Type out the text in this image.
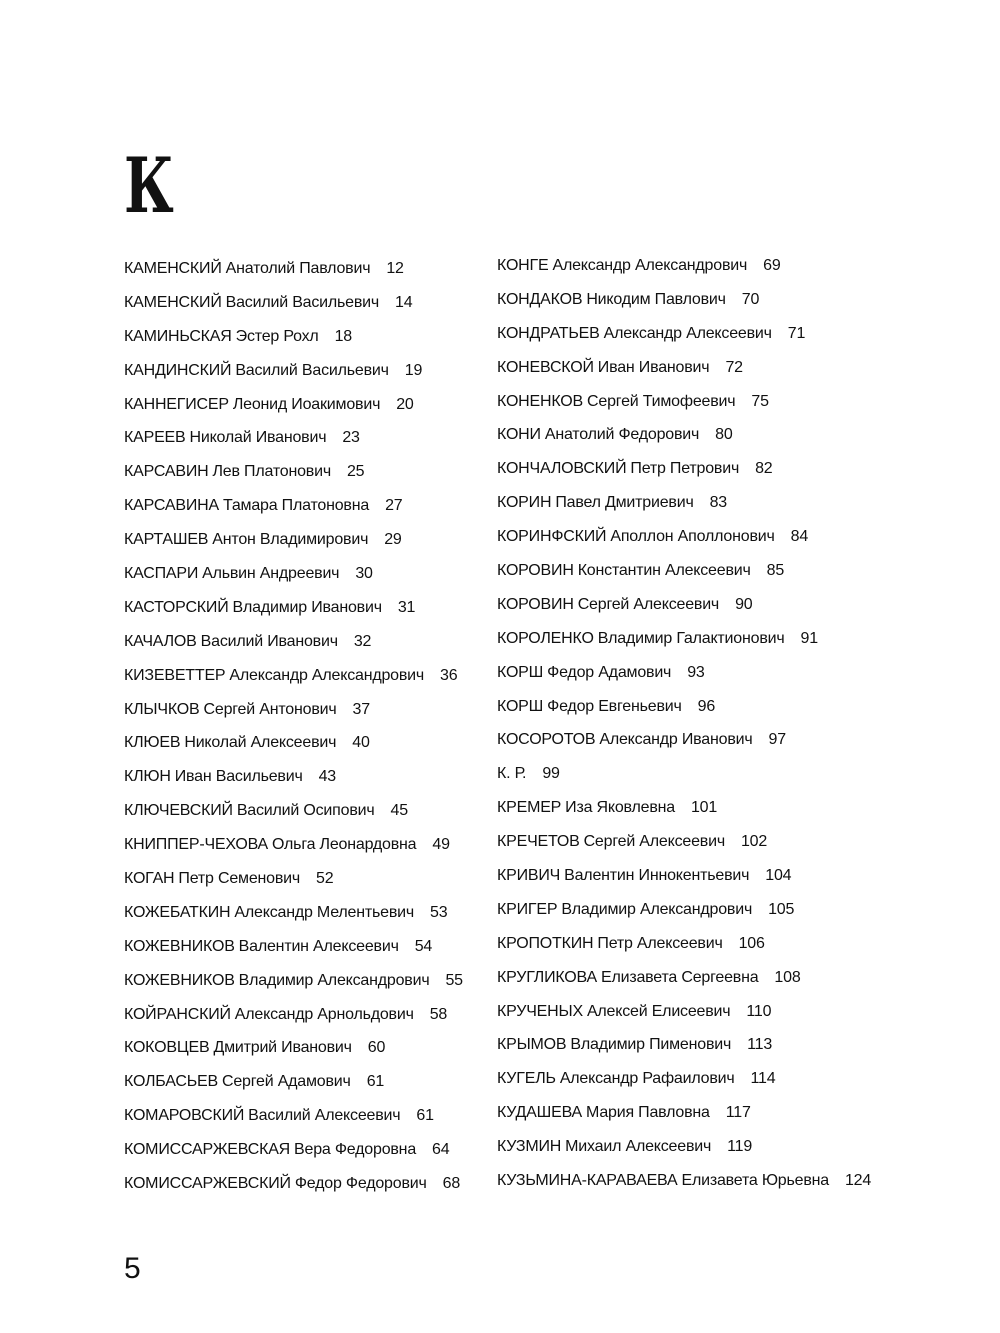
К
КАМЕНСКИЙ Анатолий Павлович 12
КАМЕНСКИЙ Василий Васильевич 14
КАМИНЬСКАЯ Эстер Рохл 18
КАНДИНСКИЙ Василий Васильевич 19
КАННЕГИСЕР Леонид Иоакимович 20
КАРЕЕВ Николай Иванович 23
КАРСАВИН Лев Платонович 25
КАРСАВИНА Тамара Платоновна 27
КАРТАШЕВ Антон Владимирович 29
КАСПАРИ Альвин Андреевич 30
КАСТОРСКИЙ Владимир Иванович 31
КАЧАЛОВ Василий Иванович 32
КИЗЕВЕТТЕР Александр Александрович 36
КЛЫЧКОВ Сергей Антонович 37
КЛЮЕВ Николай Алексеевич 40
КЛЮН Иван Васильевич 43
КЛЮЧЕВСКИЙ Василий Осипович 45
КНИППЕР-ЧЕХОВА Ольга Леонардовна 49
КОГАН Петр Семенович 52
КОЖЕБАТКИН Александр Мелентьевич 53
КОЖЕВНИКОВ Валентин Алексеевич 54
КОЖЕВНИКОВ Владимир Александрович 55
КОЙРАНСКИЙ Александр Арнольдович 58
КОКОВЦЕВ Дмитрий Иванович 60
КОЛБАСЬЕВ Сергей Адамович 61
КОМАРОВСКИЙ Василий Алексеевич 61
КОМИССАРЖЕВСКАЯ Вера Федоровна 64
КОМИССАРЖЕВСКИЙ Федор Федорович 68
КОНГЕ Александр Александрович 69
КОНДАКОВ Никодим Павлович 70
КОНДРАТЬЕВ Александр Алексеевич 71
КОНЕВСКОЙ Иван Иванович 72
КОНЕНКОВ Сергей Тимофеевич 75
КОНИ Анатолий Федорович 80
КОНЧАЛОВСКИЙ Петр Петрович 82
КОРИН Павел Дмитриевич 83
КОРИНФСКИЙ Аполлон Аполлонович 84
КОРОВИН Константин Алексеевич 85
КОРОВИН Сергей Алексеевич 90
КОРОЛЕНКО Владимир Галактионович 91
КОРШ Федор Адамович 93
КОРШ Федор Евгеньевич 96
КОСОРОТОВ Александр Иванович 97
К. Р. 99
КРЕМЕР Иза Яковлевна 101
КРЕЧЕТОВ Сергей Алексеевич 102
КРИВИЧ Валентин Иннокентьевич 104
КРИГЕР Владимир Александрович 105
КРОПОТКИН Петр Алексеевич 106
КРУГЛИКОВА Елизавета Сергеевна 108
КРУЧЕНЫХ Алексей Елисеевич 110
КРЫМОВ Владимир Пименович 113
КУГЕЛЬ Александр Рафаилович 114
КУДАШЕВА Мария Павловна 117
КУЗМИН Михаил Алексеевич 119
КУЗЬМИНА-КАРАВАЕВА Елизавета Юрьевна 124
5
